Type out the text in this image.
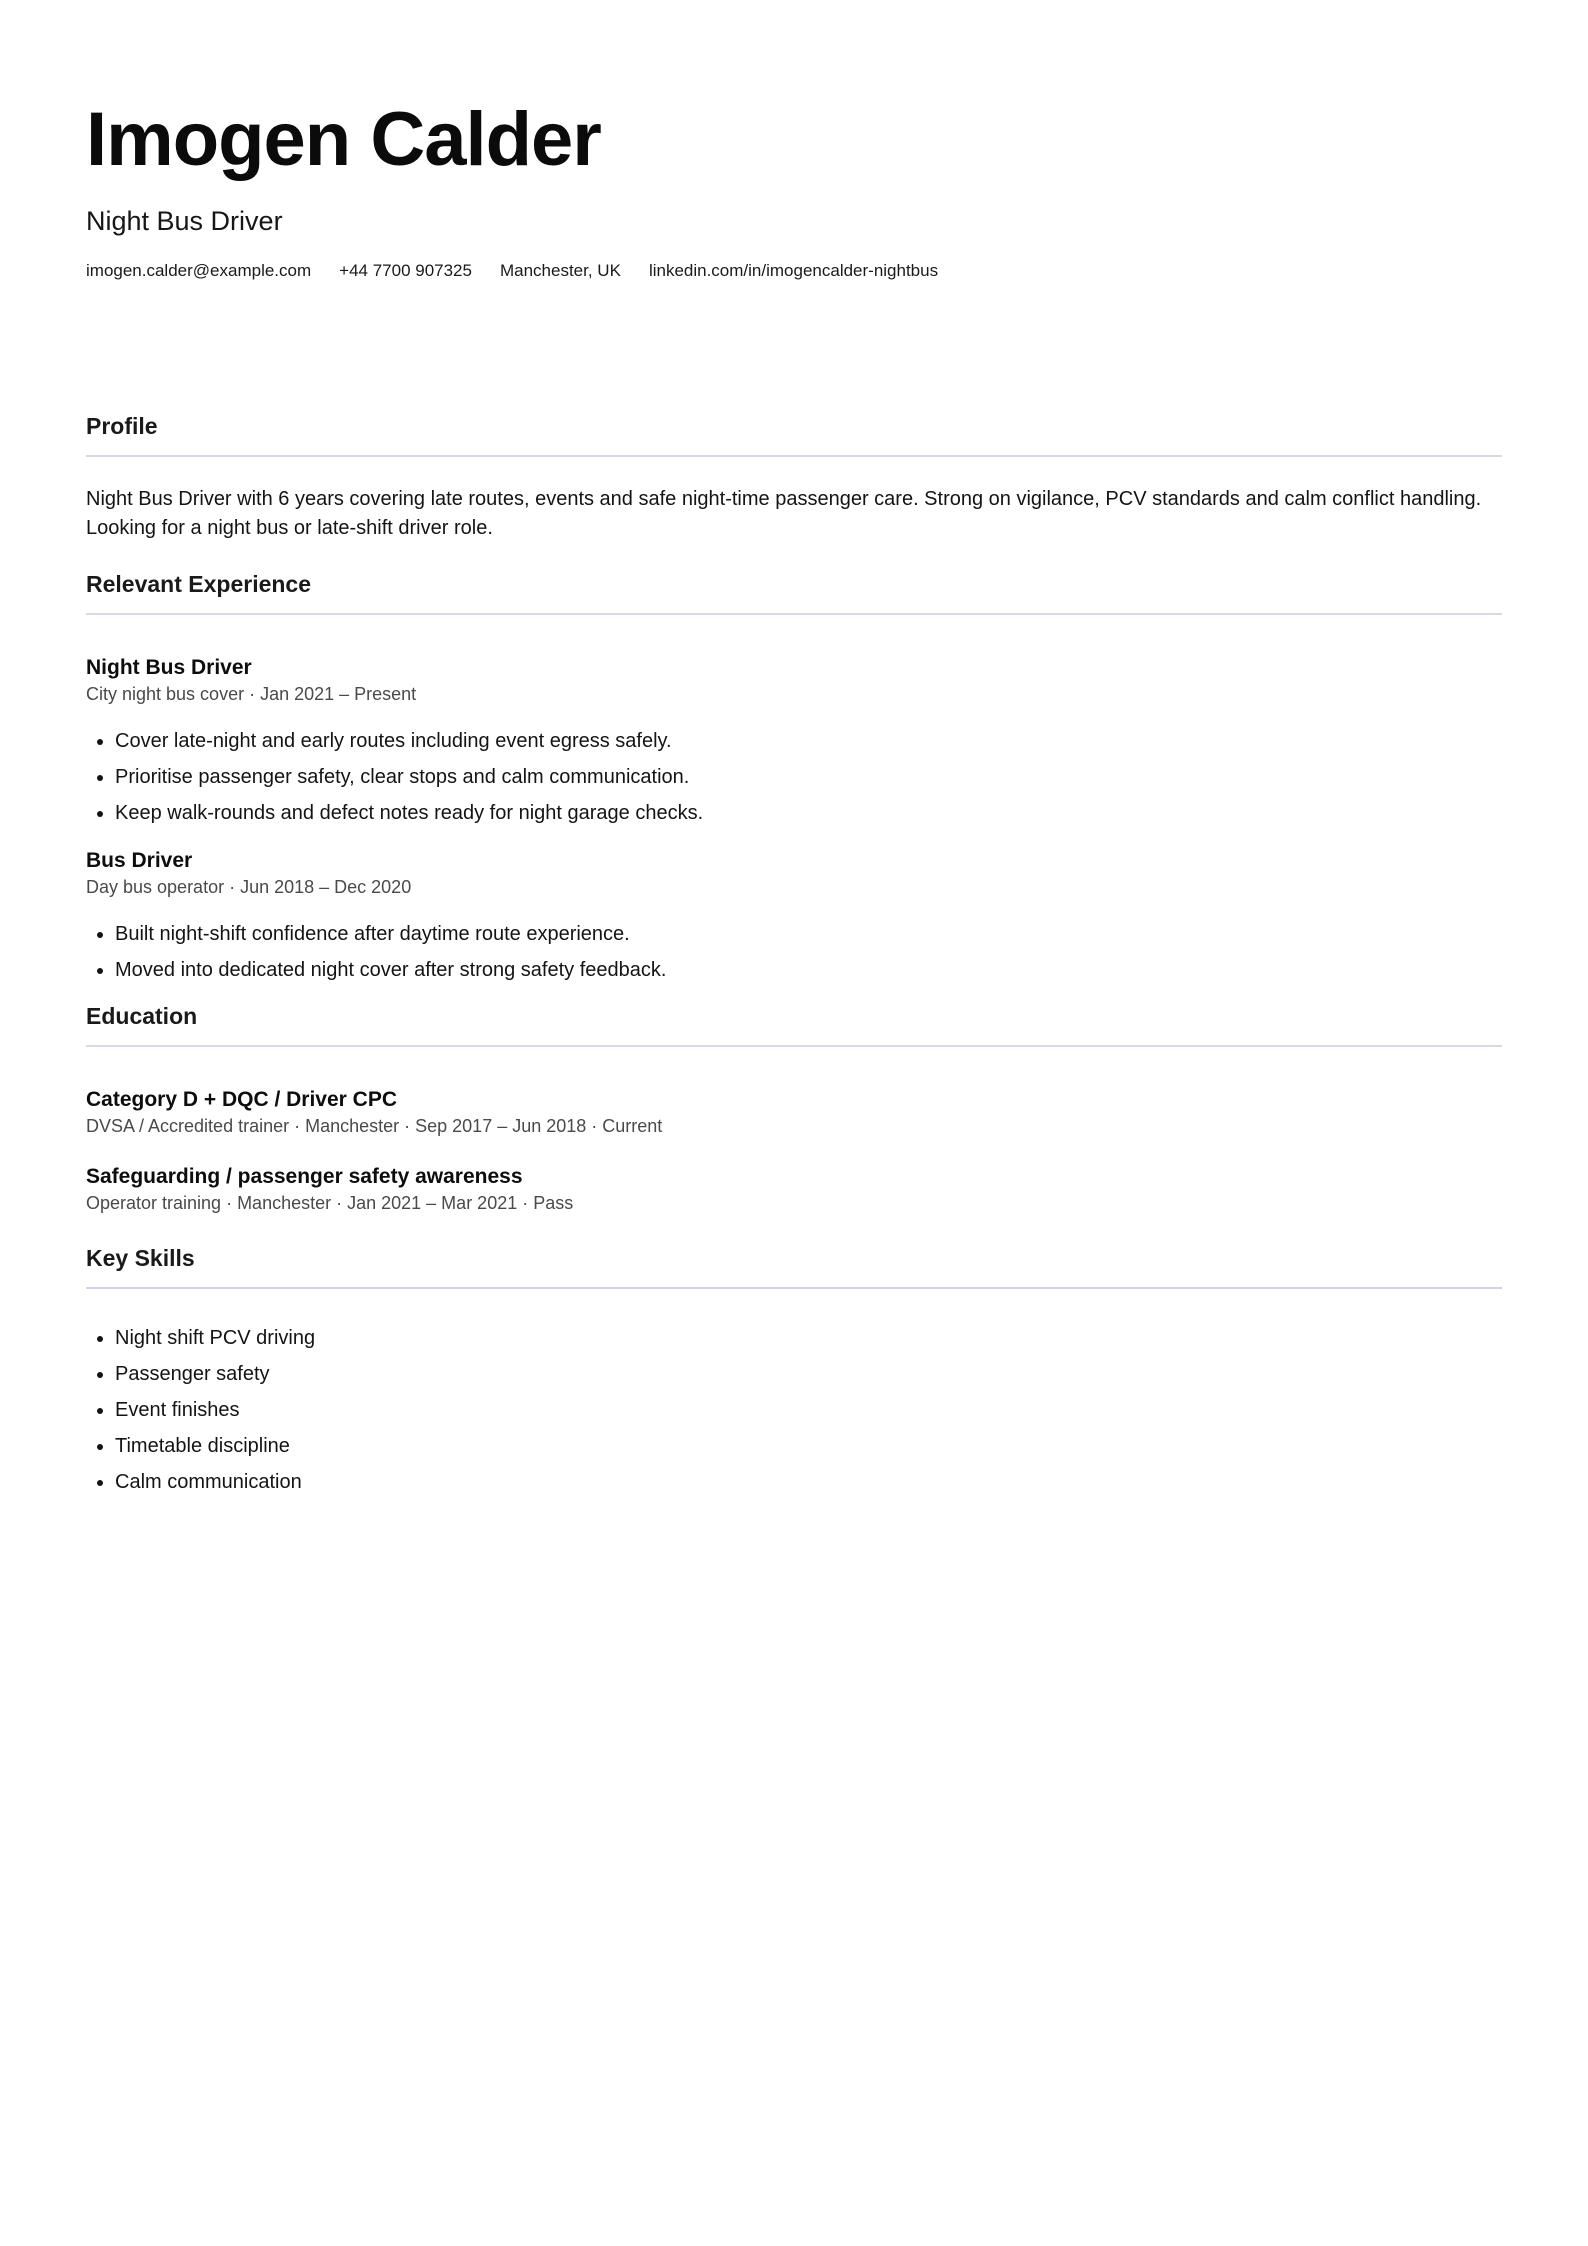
Imogen Calder
Night Bus Driver
imogen.calder@example.com +44 7700 907325 Manchester, UK linkedin.com/in/imogencalder-nightbus
Profile
Night Bus Driver with 6 years covering late routes, events and safe night-time passenger care. Strong on vigilance, PCV standards and calm conflict handling. Looking for a night bus or late-shift driver role.
Relevant Experience
Night Bus Driver
City night bus cover · Jan 2021 – Present
• Cover late-night and early routes including event egress safely.
• Prioritise passenger safety, clear stops and calm communication.
• Keep walk-rounds and defect notes ready for night garage checks.
Bus Driver
Day bus operator · Jun 2018 – Dec 2020
• Built night-shift confidence after daytime route experience.
• Moved into dedicated night cover after strong safety feedback.
Education
Category D + DQC / Driver CPC
DVSA / Accredited trainer · Manchester · Sep 2017 – Jun 2018 · Current
Safeguarding / passenger safety awareness
Operator training · Manchester · Jan 2021 – Mar 2021 · Pass
Key Skills
• Night shift PCV driving
• Passenger safety
• Event finishes
• Timetable discipline
• Calm communication
